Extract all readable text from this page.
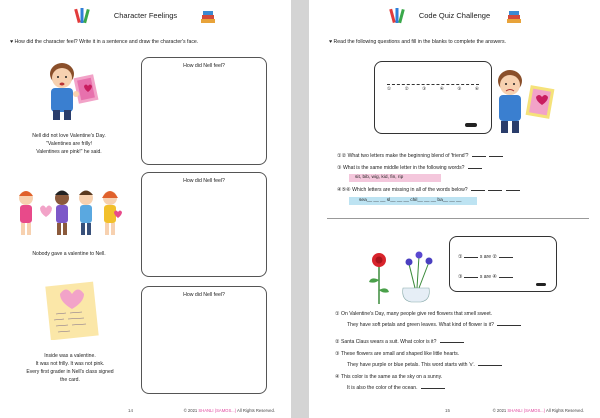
Character Feelings
♥ How did the character feel? Write it in a sentence and draw the character's face.
Nell did not love Valentine's Day.
"Valentines are frilly!
Valentines are pink!" he said.
Nobody gave a valentine to Nell.
Inside was a valentine.
It was not frilly. It was not pink.
Every first grader in Nell's class signed
the card.
How did Nell feel?
How did Nell feel?
How did Nell feel?
14	© 2021 SHANLI (SAMOS...) All Rights Reserved.
Code Quiz Challenge
♥ Read the following questions and fill in the blanks to complete the answers.
①	②	③	④	⑤	⑥
①② What two letters make the beginning blend of 'friend'?
③ What is the same middle letter in the following words?
sit, bib, wig, kid, fin, rip
④⑤⑥ Which letters are missing in all of the words below?
sea__ __ __ sl__ __ __ chil__ __ __ ba__ __ __
①	s are ②
③	s are ④
① On Valentine's Day, many people give red flowers that smell sweet.
They have soft petals and green leaves. What kind of flower is it?
② Santa Claus wears a suit. What color is it?
③ These flowers are small and shaped like little hearts.
They have purple or blue petals. This word starts with 'v'.
④ This color is the same as the sky on a sunny.
It is also the color of the ocean.
15	© 2021 SHANLI (SAMOS...) All Rights Reserved.
